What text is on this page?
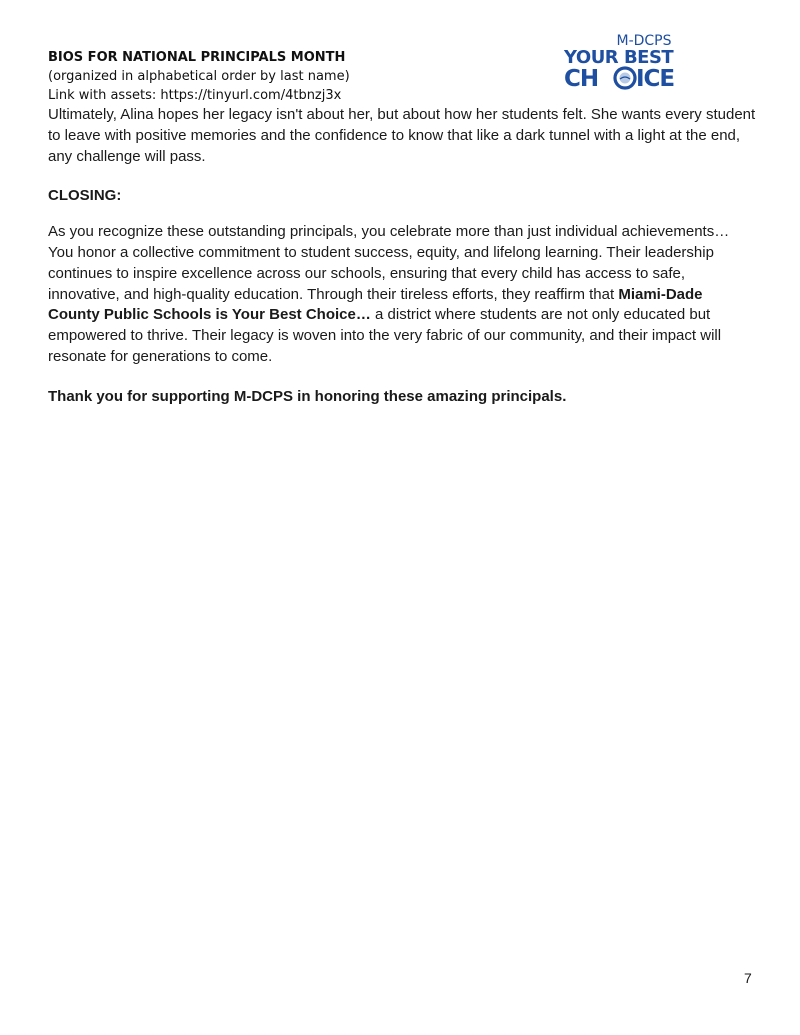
BIOS FOR NATIONAL PRINCIPALS MONTH
(organized in alphabetical order by last name)
Link with assets: https://tinyurl.com/4tbnzj3x
M-DCPS
YOUR BEST
CH ICE

Ultimately, Alina hopes her legacy isn't about her, but about how her students felt. She wants every student to leave with positive memories and the confidence to know that like a dark tunnel with a light at the end, any challenge will pass.

CLOSING:

As you recognize these outstanding principals, you celebrate more than just individual achievements… You honor a collective commitment to student success, equity, and lifelong learning. Their leadership continues to inspire excellence across our schools, ensuring that every child has access to safe, innovative, and high-quality education. Through their tireless efforts, they reaffirm that Miami-Dade County Public Schools is Your Best Choice… a district where students are not only educated but empowered to thrive. Their legacy is woven into the very fabric of our community, and their impact will resonate for generations to come.

Thank you for supporting M-DCPS in honoring these amazing principals.

7
